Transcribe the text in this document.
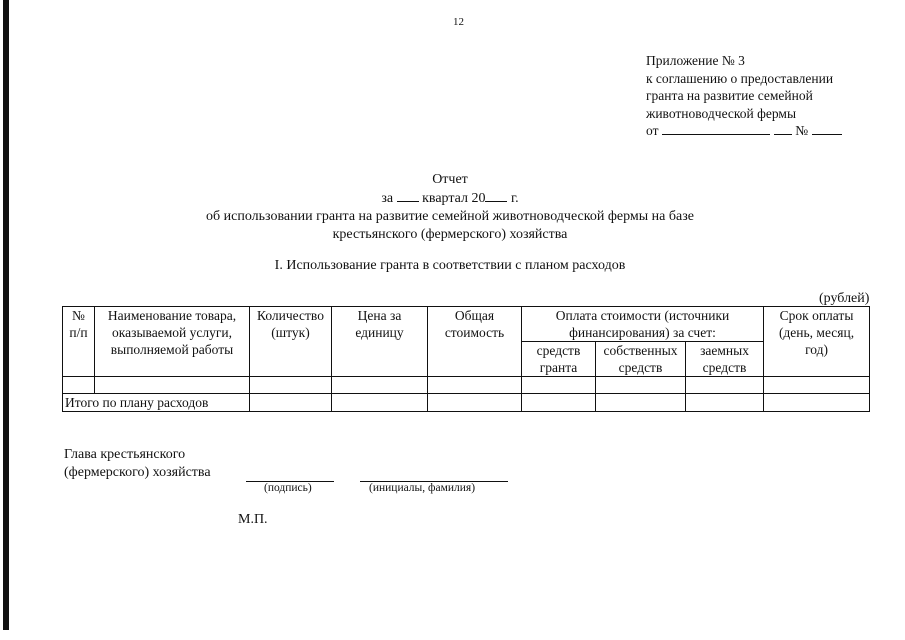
12
Приложение № 3
к соглашению о предоставлении
гранта на развитие семейной
животноводческой фермы
от	№
Отчет
за квартал 20 г.
об использовании гранта на развитие семейной животноводческой фермы на базе
крестьянского (фермерского) хозяйства
I. Использование гранта в соответствии с планом расходов
(рублей)
№ п/п	Наименование товара, оказываемой услуги, выполняемой работы	Количество (штук)	Цена за единицу	Общая стоимость	Оплата стоимости (источники финансирования) за счет:			Срок оплаты (день, месяц, год)
					средств гранта	собственных средств	заемных средств	

Итого по плану расходов								
Глава крестьянского
(фермерского) хозяйства
(подпись)	(инициалы, фамилия)
М.П.
